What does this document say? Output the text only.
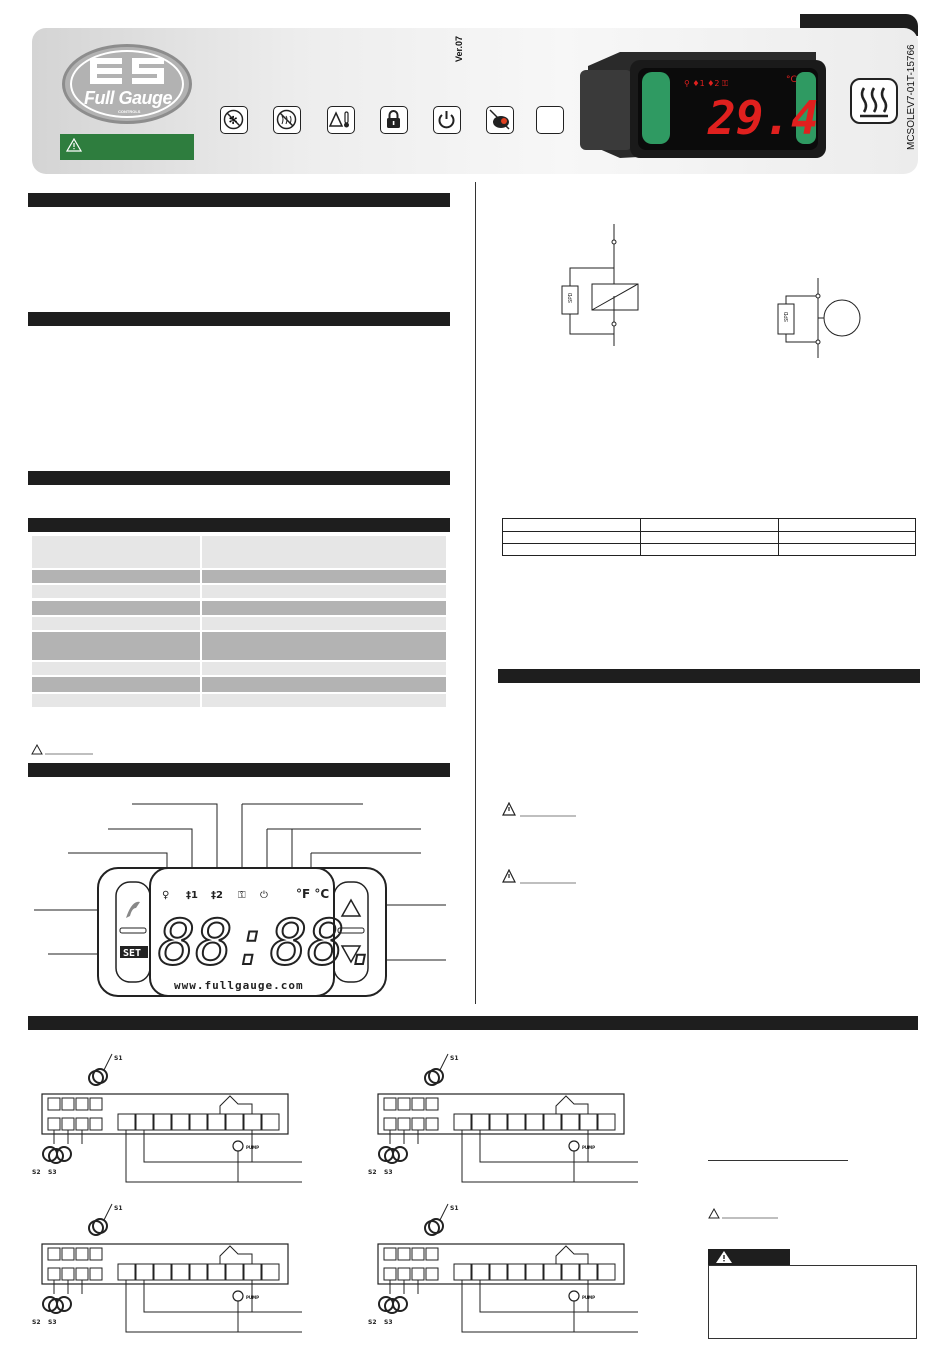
Full Gauge
CONTROLS
✻
Ver.07
⚲ ♦1 ♦2 ⚿	°C
29.4	MCSOLEV7-01T-15766
SET
♀ ‡1 ‡2 ⚿ ⏻ °F °C
88:88.
www.fullgauge.com
SPD
SPD
S1	S1
S1	S1
S2	S2
S2	S2
S3	S3
S3	S3
PUMP	PUMP
PUMP	PUMP
